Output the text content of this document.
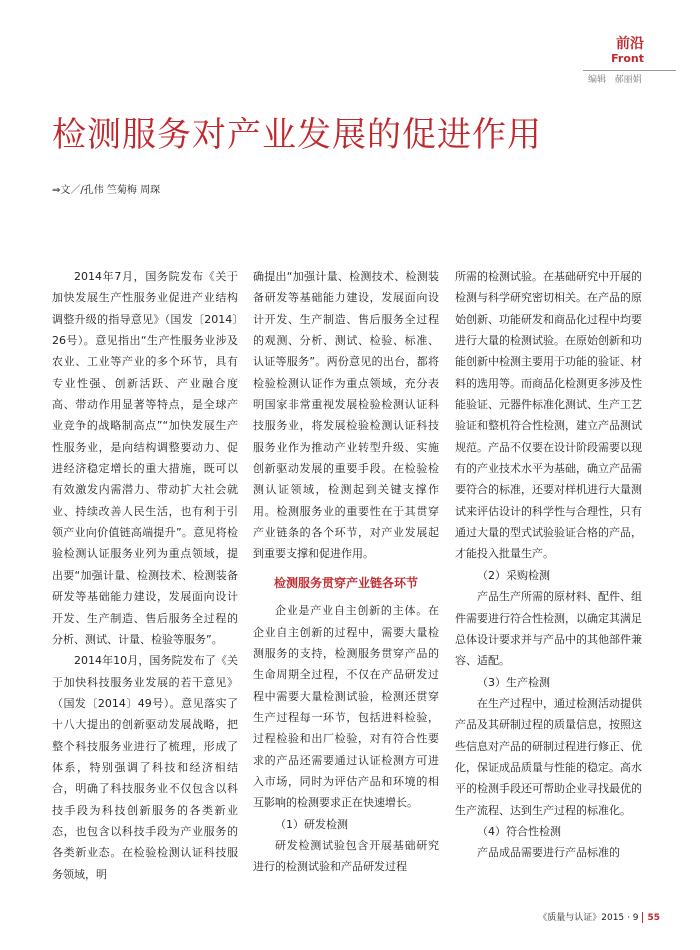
前沿
Front
编辑   郝丽娟
检测服务对产业发展的促进作用
⇒文／/孔伟 竺菊梅 周琛

2014年7月，国务院发布《关于加快发展生产性服务业促进产业结构调整升级的指导意见》（国发〔2014〕26号）。意见指出“生产性服务业涉及农业、工业等产业的多个环节，具有专业性强、创新活跃、产业融合度高、带动作用显著等特点，是全球产业竞争的战略制高点”“加快发展生产性服务业，是向结构调整要动力、促进经济稳定增长的重大措施，既可以有效激发内需潜力、带动扩大社会就业、持续改善人民生活，也有利于引领产业向价值链高端提升”。意见将检验检测认证服务业列为重点领域，提出要“加强计量、检测技术、检测装备研发等基础能力建设，发展面向设计开发、生产制造、售后服务全过程的分析、测试、计量、检验等服务”。

2014年10月，国务院发布了《关于加快科技服务业发展的若干意见》（国发〔2014〕49号）。意见落实了十八大提出的创新驱动发展战略，把整个科技服务业进行了梳理，形成了体系，特别强调了科技和经济相结合，明确了科技服务业不仅包含以科技手段为科技创新服务的各类新业态，也包含以科技手段为产业服务的各类新业态。在检验检测认证科技服务领域，明

确提出“加强计量、检测技术、检测装备研发等基础能力建设，发展面向设计开发、生产制造、售后服务全过程的观测、分析、测试、检验、标准、认证等服务”。两份意见的出台，都将检验检测认证作为重点领域，充分表明国家非常重视发展检验检测认证科技服务业，将发展检验检测认证科技服务业作为推动产业转型升级、实施创新驱动发展的重要手段。在检验检测认证领域，检测起到关键支撑作用。检测服务业的重要性在于其贯穿产业链条的各个环节，对产业发展起到重要支撑和促进作用。

检测服务贯穿产业链各环节

企业是产业自主创新的主体。在企业自主创新的过程中，需要大量检测服务的支持，检测服务贯穿产品的生命周期全过程，不仅在产品研发过程中需要大量检测试验，检测还贯穿生产过程每一环节，包括进料检验，过程检验和出厂检验，对有符合性要求的产品还需要通过认证检测方可进入市场，同时为评估产品和环境的相互影响的检测要求正在快速增长。

（1）研发检测

研发检测试验包含开展基础研究进行的检测试验和产品研发过程

所需的检测试验。在基础研究中开展的检测与科学研究密切相关。在产品的原始创新、功能研发和商品化过程中均要进行大量的检测试验。在原始创新和功能创新中检测主要用于功能的验证、材料的选用等。而商品化检测更多涉及性能验证、元器件标准化测试、生产工艺验证和整机符合性检测，建立产品测试规范。产品不仅要在设计阶段需要以现有的产业技术水平为基础，确立产品需要符合的标准，还要对样机进行大量测试来评估设计的科学性与合理性，只有通过大量的型式试验验证合格的产品，才能投入批量生产。

（2）采购检测

产品生产所需的原材料、配件、组件需要进行符合性检测，以确定其满足总体设计要求并与产品中的其他部件兼容、适配。

（3）生产检测

在生产过程中，通过检测活动提供产品及其研制过程的质量信息，按照这些信息对产品的研制过程进行修正、优化，保证成品质量与性能的稳定。高水平的检测手段还可帮助企业寻找最优的生产流程、达到生产过程的标准化。

（4）符合性检测

产品成品需要进行产品标准的

《质量与认证》2015 · 9 55
